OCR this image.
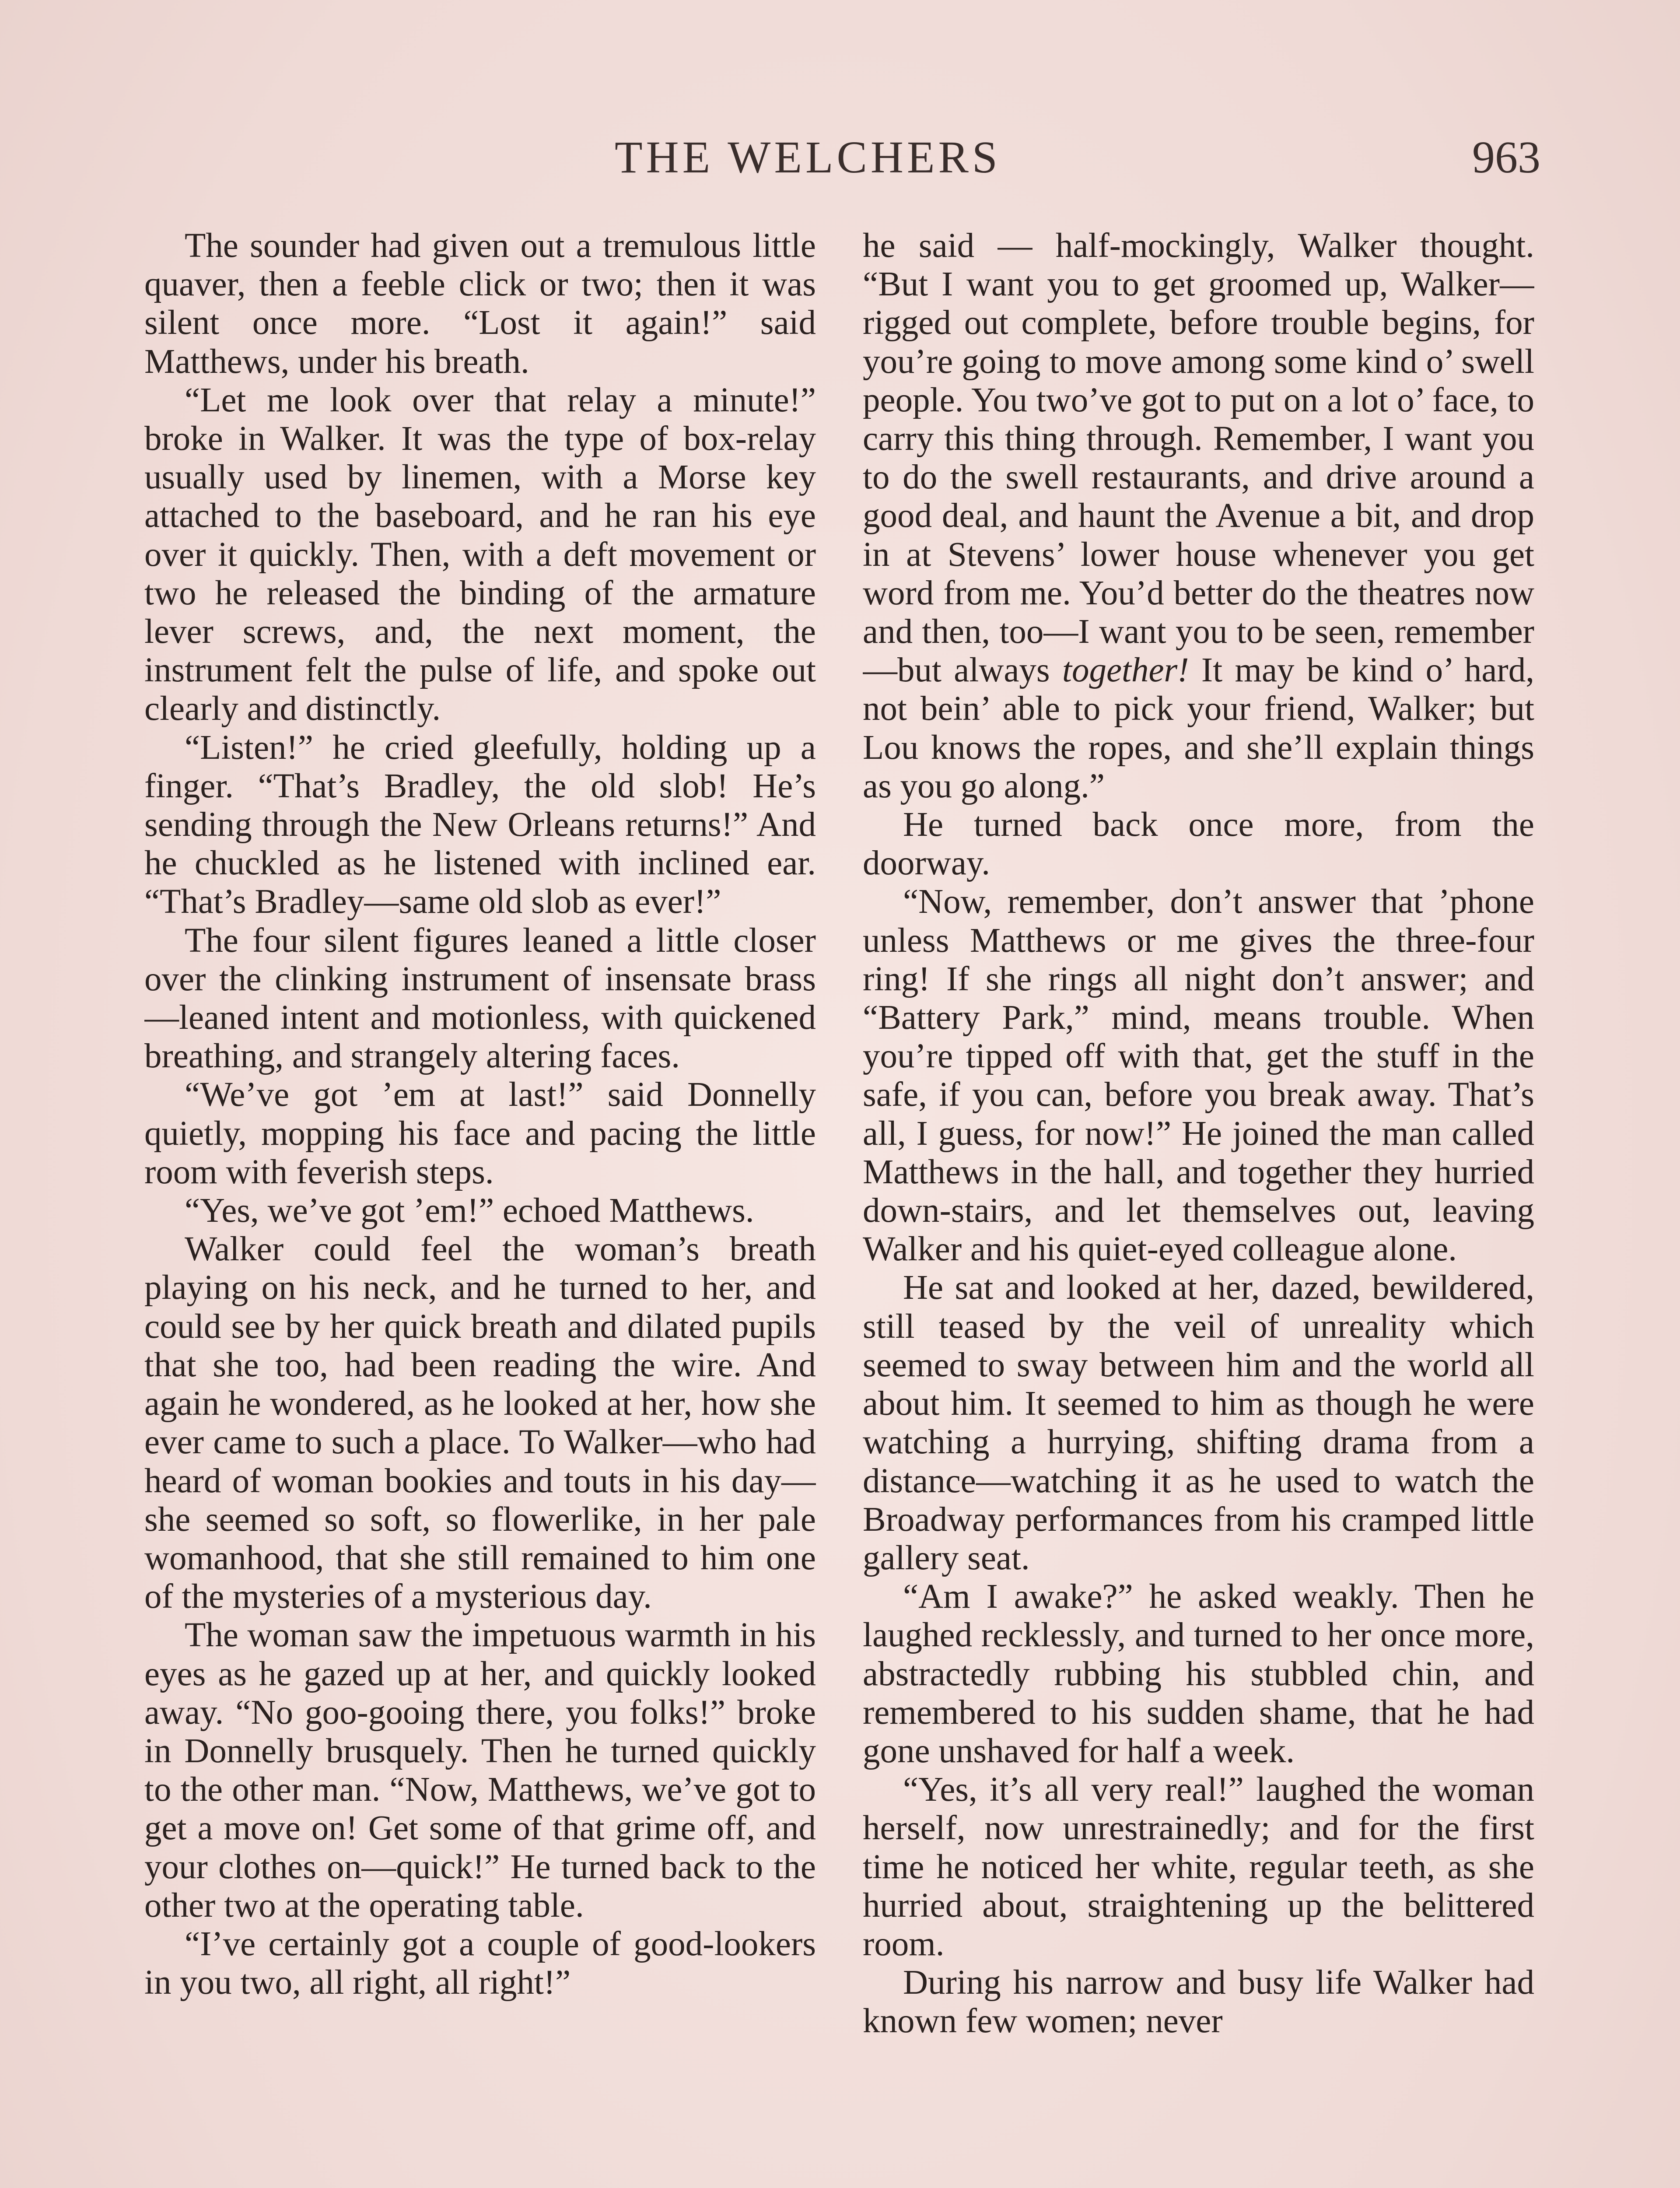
THE WELCHERS	963

The sounder had given out a tremulous little quaver, then a feeble click or two; then it was silent once more. “Lost it again!” said Matthews, under his breath.

“Let me look over that relay a minute!” broke in Walker. It was the type of box-relay usually used by linemen, with a Morse key attached to the baseboard, and he ran his eye over it quickly. Then, with a deft movement or two he released the binding of the armature lever screws, and, the next moment, the instrument felt the pulse of life, and spoke out clearly and distinctly.

“Listen!” he cried gleefully, holding up a finger. “That’s Bradley, the old slob! He’s sending through the New Orleans returns!” And he chuckled as he listened with inclined ear. “That’s Bradley—same old slob as ever!”

The four silent figures leaned a little closer over the clinking instrument of insensate brass—leaned intent and motionless, with quickened breathing, and strangely altering faces.

“We’ve got ’em at last!” said Donnelly quietly, mopping his face and pacing the little room with feverish steps.

“Yes, we’ve got ’em!” echoed Matthews.

Walker could feel the woman’s breath playing on his neck, and he turned to her, and could see by her quick breath and dilated pupils that she too, had been reading the wire. And again he wondered, as he looked at her, how she ever came to such a place. To Walker—who had heard of woman bookies and touts in his day—she seemed so soft, so flowerlike, in her pale womanhood, that she still remained to him one of the mysteries of a mysterious day.

The woman saw the impetuous warmth in his eyes as he gazed up at her, and quickly looked away. “No goo-gooing there, you folks!” broke in Donnelly brusquely. Then he turned quickly to the other man. “Now, Matthews, we’ve got to get a move on! Get some of that grime off, and your clothes on—quick!” He turned back to the other two at the operating table.

“I’ve certainly got a couple of good-lookers in you two, all right, all right!”

he said — half-mockingly, Walker thought. “But I want you to get groomed up, Walker—rigged out complete, before trouble begins, for you’re going to move among some kind o’ swell people. You two’ve got to put on a lot o’ face, to carry this thing through. Remember, I want you to do the swell restaurants, and drive around a good deal, and haunt the Avenue a bit, and drop in at Stevens’ lower house whenever you get word from me. You’d better do the theatres now and then, too—I want you to be seen, remember—but always together! It may be kind o’ hard, not bein’ able to pick your friend, Walker; but Lou knows the ropes, and she’ll explain things as you go along.”

He turned back once more, from the doorway.

“Now, remember, don’t answer that ’phone unless Matthews or me gives the three-four ring! If she rings all night don’t answer; and “Battery Park,” mind, means trouble. When you’re tipped off with that, get the stuff in the safe, if you can, before you break away. That’s all, I guess, for now!” He joined the man called Matthews in the hall, and together they hurried down-stairs, and let themselves out, leaving Walker and his quiet-eyed colleague alone.

He sat and looked at her, dazed, bewildered, still teased by the veil of unreality which seemed to sway between him and the world all about him. It seemed to him as though he were watching a hurrying, shifting drama from a distance—watching it as he used to watch the Broadway performances from his cramped little gallery seat.

“Am I awake?” he asked weakly. Then he laughed recklessly, and turned to her once more, abstractedly rubbing his stubbled chin, and remembered to his sudden shame, that he had gone unshaved for half a week.

“Yes, it’s all very real!” laughed the woman herself, now unrestrainedly; and for the first time he noticed her white, regular teeth, as she hurried about, straightening up the belittered room.

During his narrow and busy life Walker had known few women; never
